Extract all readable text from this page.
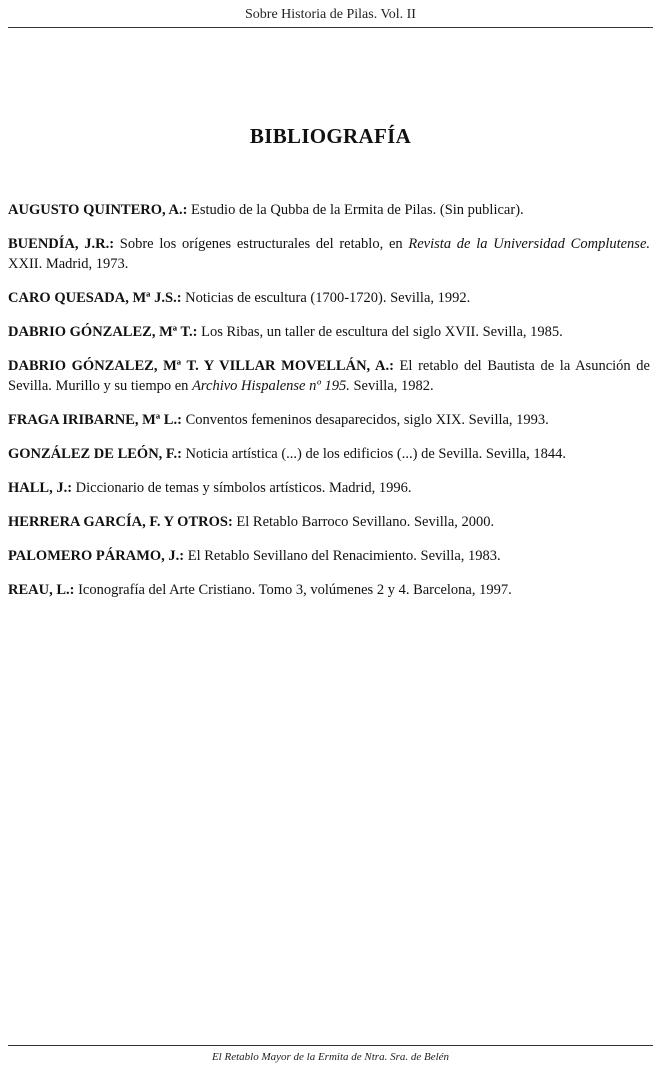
Sobre Historia de Pilas. Vol. II
BIBLIOGRAFÍA

AUGUSTO QUINTERO, A.: Estudio de la Qubba de la Ermita de Pilas. (Sin publicar).

BUENDÍA, J.R.: Sobre los orígenes estructurales del retablo, en Revista de la Universidad Complutense. XXII. Madrid, 1973.

CARO QUESADA, Mª J.S.: Noticias de escultura (1700-1720). Sevilla, 1992.

DABRIO GÓNZALEZ, Mª T.: Los Ribas, un taller de escultura del siglo XVII. Sevilla, 1985.

DABRIO GÓNZALEZ, Mª T. Y VILLAR MOVELLÁN, A.: El retablo del Bautista de la Asunción de Sevilla. Murillo y su tiempo en Archivo Hispalense nº 195. Sevilla, 1982.

FRAGA IRIBARNE, Mª L.: Conventos femeninos desaparecidos, siglo XIX. Sevilla, 1993.

GONZÁLEZ DE LEÓN, F.: Noticia artística (...) de los edificios (...) de Sevilla. Sevilla, 1844.

HALL, J.: Diccionario de temas y símbolos artísticos. Madrid, 1996.

HERRERA GARCÍA, F. Y OTROS: El Retablo Barroco Sevillano. Sevilla, 2000.

PALOMERO PÁRAMO, J.: El Retablo Sevillano del Renacimiento. Sevilla, 1983.

REAU, L.: Iconografía del Arte Cristiano. Tomo 3, volúmenes 2 y 4. Barcelona, 1997.

El Retablo Mayor de la Ermita de Ntra. Sra. de Belén
